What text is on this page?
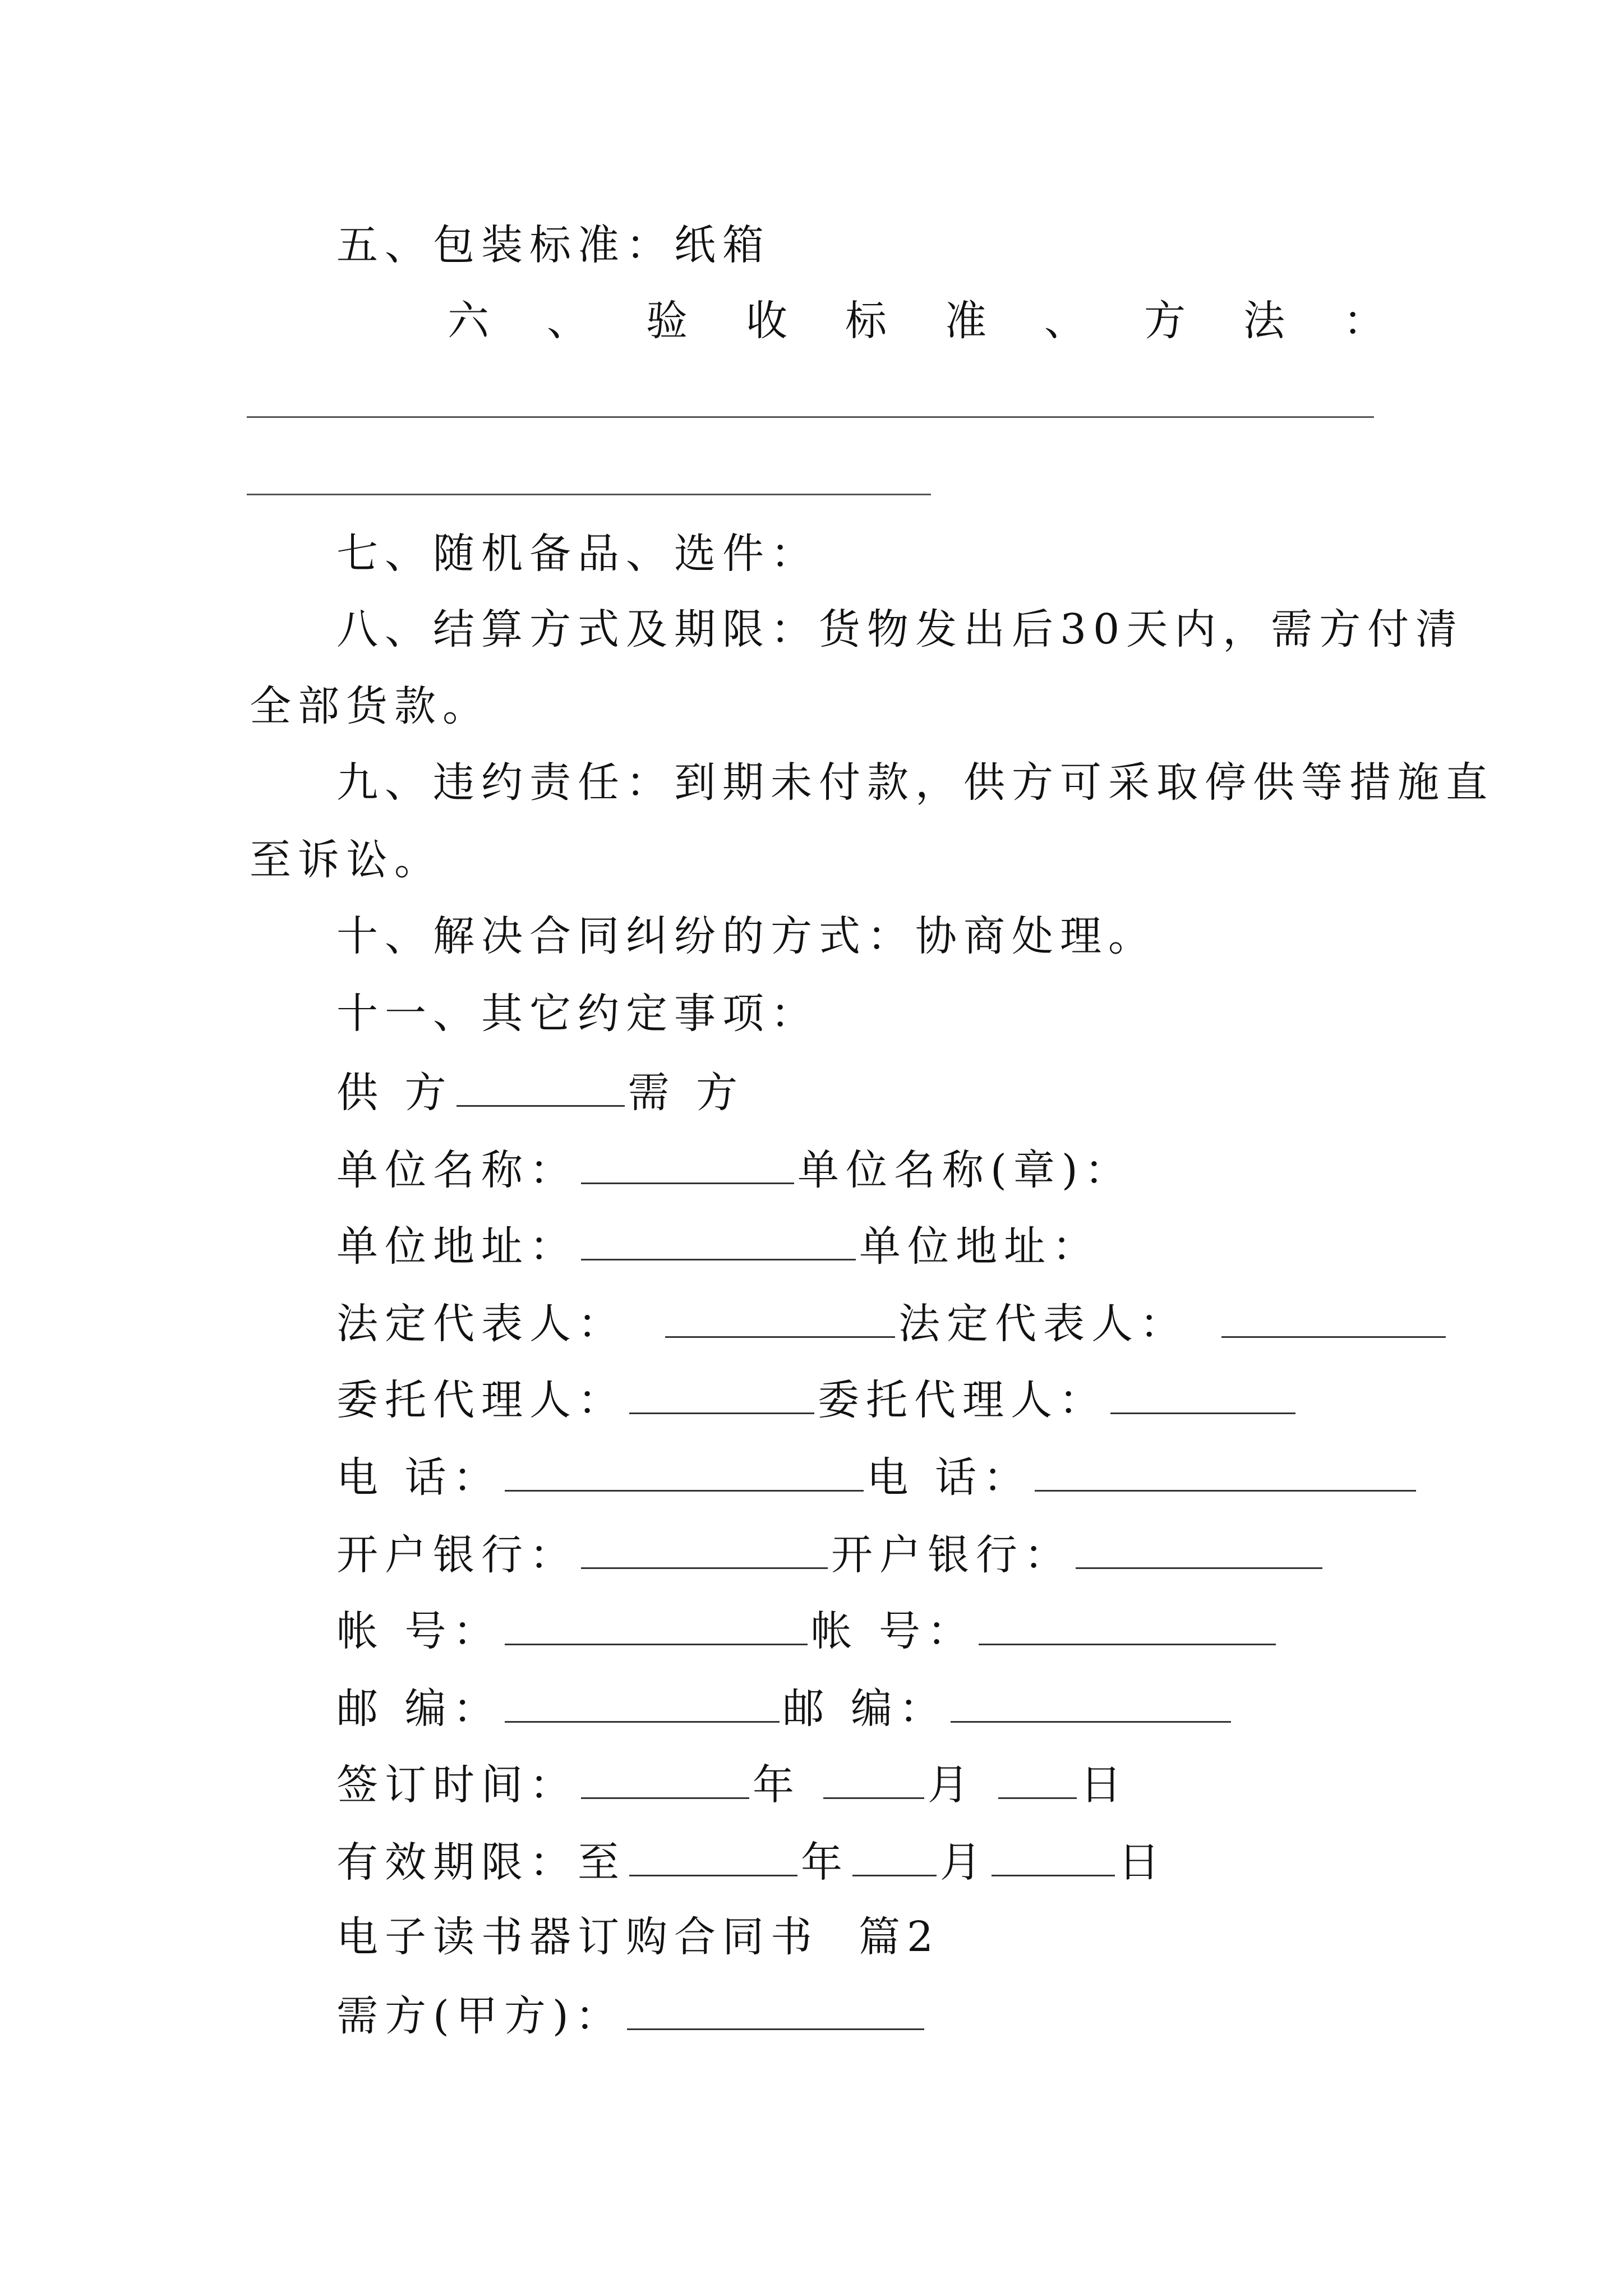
五、包装标准：纸箱
六 、 验 收 标 准 、 方 法 ：
七、随机备品、选件：
八、结算方式及期限：货物发出后30天内，需方付清
全部货款。
九、违约责任：到期未付款，供方可采取停供等措施直
至诉讼。
十、解决合同纠纷的方式：协商处理。
十一、其它约定事项：
供 方	需 方
单位名称：	单位名称(章)：
单位地址：	单位地址：
法定代表人：	法定代表人：
委托代理人：	委托代理人：
电 话：	电 话：
开户银行：	开户银行：
帐 号：	帐 号：
邮 编：	邮 编：
签订时间：	年	月	日
有效期限：至	年 月	日
电子读书器订购合同书  篇2
需方(甲方)：
